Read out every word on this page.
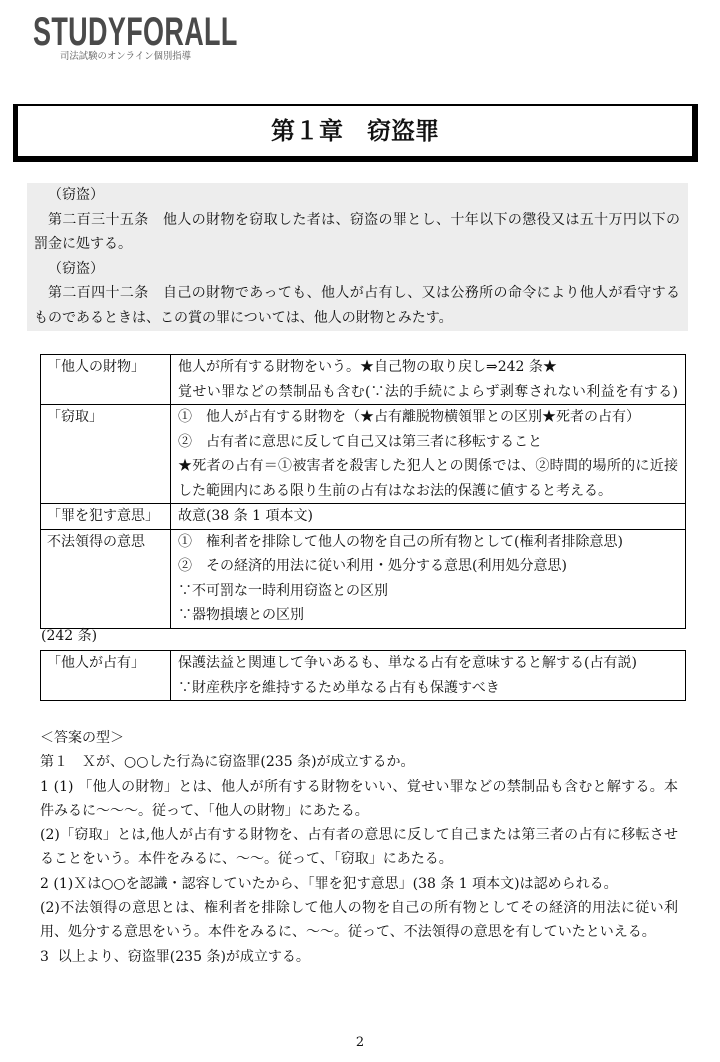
STUDYFORALL
司法試験のオンライン個別指導
第１章　窃盗罪
（窃盗）
第二百三十五条　他人の財物を窃取した者は、窃盗の罪とし、十年以下の懲役又は五十万円以下の
罰金に処する。
（窃盗）
第二百四十二条　自己の財物であっても、他人が占有し、又は公務所の命令により他人が看守する
ものであるときは、この賞の罪については、他人の財物とみたす。
「他人の財物」	他人が所有する財物をいう。★自己物の取り戻し⇒242 条★
覚せい罪などの禁制品も含む(∵法的手続によらず剥奪されない利益を有する)
「窃取」	①　他人が占有する財物を（★占有離脱物横領罪との区別★死者の占有）
②　占有者に意思に反して自己又は第三者に移転すること
★死者の占有＝①被害者を殺害した犯人との関係では、②時間的場所的に近接
した範囲内にある限り生前の占有はなお法的保護に値すると考える。
「罪を犯す意思」	故意(38 条 1 項本文)
不法領得の意思	①　権利者を排除して他人の物を自己の所有物として(権利者排除意思)
②　その経済的用法に従い利用・処分する意思(利用処分意思)
∵不可罰な一時利用窃盗との区別
∵器物損壊との区別
(242 条)
「他人が占有」	保護法益と関連して争いあるも、単なる占有を意味すると解する(占有説)
∵財産秩序を維持するため単なる占有も保護すべき
＜答案の型＞
第１　Ｘが、○○した行為に窃盗罪(235 条)が成立するか。
1 (1) 「他人の財物」とは、他人が所有する財物をいい、覚せい罪などの禁制品も含むと解する。本
件みるに～～～。従って、「他人の財物」にあたる。
(2)「窃取」とは,他人が占有する財物を、占有者の意思に反して自己または第三者の占有に移転させ
ることをいう。本件をみるに、～～。従って、「窃取」にあたる。
2 (1)Ｘは○○を認識・認容していたから、「罪を犯す意思」(38 条 1 項本文)は認められる。
(2)不法領得の意思とは、権利者を排除して他人の物を自己の所有物としてその経済的用法に従い利
用、処分する意思をいう。本件をみるに、～～。従って、不法領得の意思を有していたといえる。
3  以上より、窃盗罪(235 条)が成立する。
2
